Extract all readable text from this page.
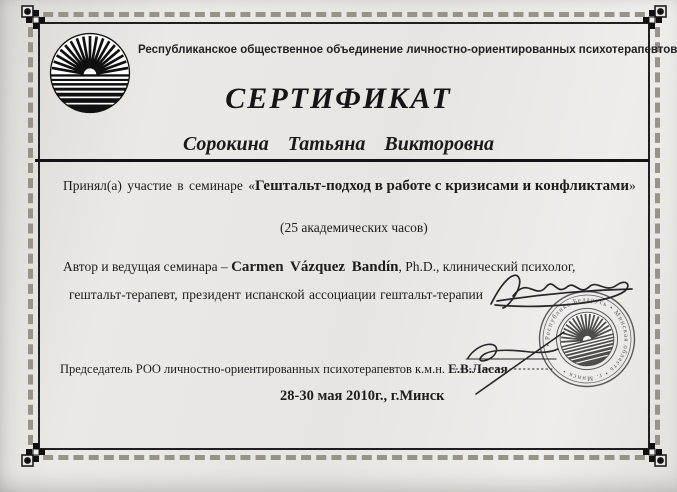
Республиканское общественное объединение личностно-ориентированных психотерапевтов
СЕРТИФИКАТ
Сорокина Татьяна Викторовна
Принял(а) участие в семинаре «Гештальт-подход в работе с кризисами и конфликтами»
(25 академических часов)
Автор и ведущая семинара – Carmen Vázquez Bandín, Ph.D., клинический психолог,
гештальт-терапевт, президент испанской ассоциации гештальт-терапии
Председатель РОО личностно-ориентированных психотерапевтов к.м.н. Е.В.Ласая
• Республика Беларусь • Минская область • г. Минск •
28-30 мая 2010г., г.Минск
